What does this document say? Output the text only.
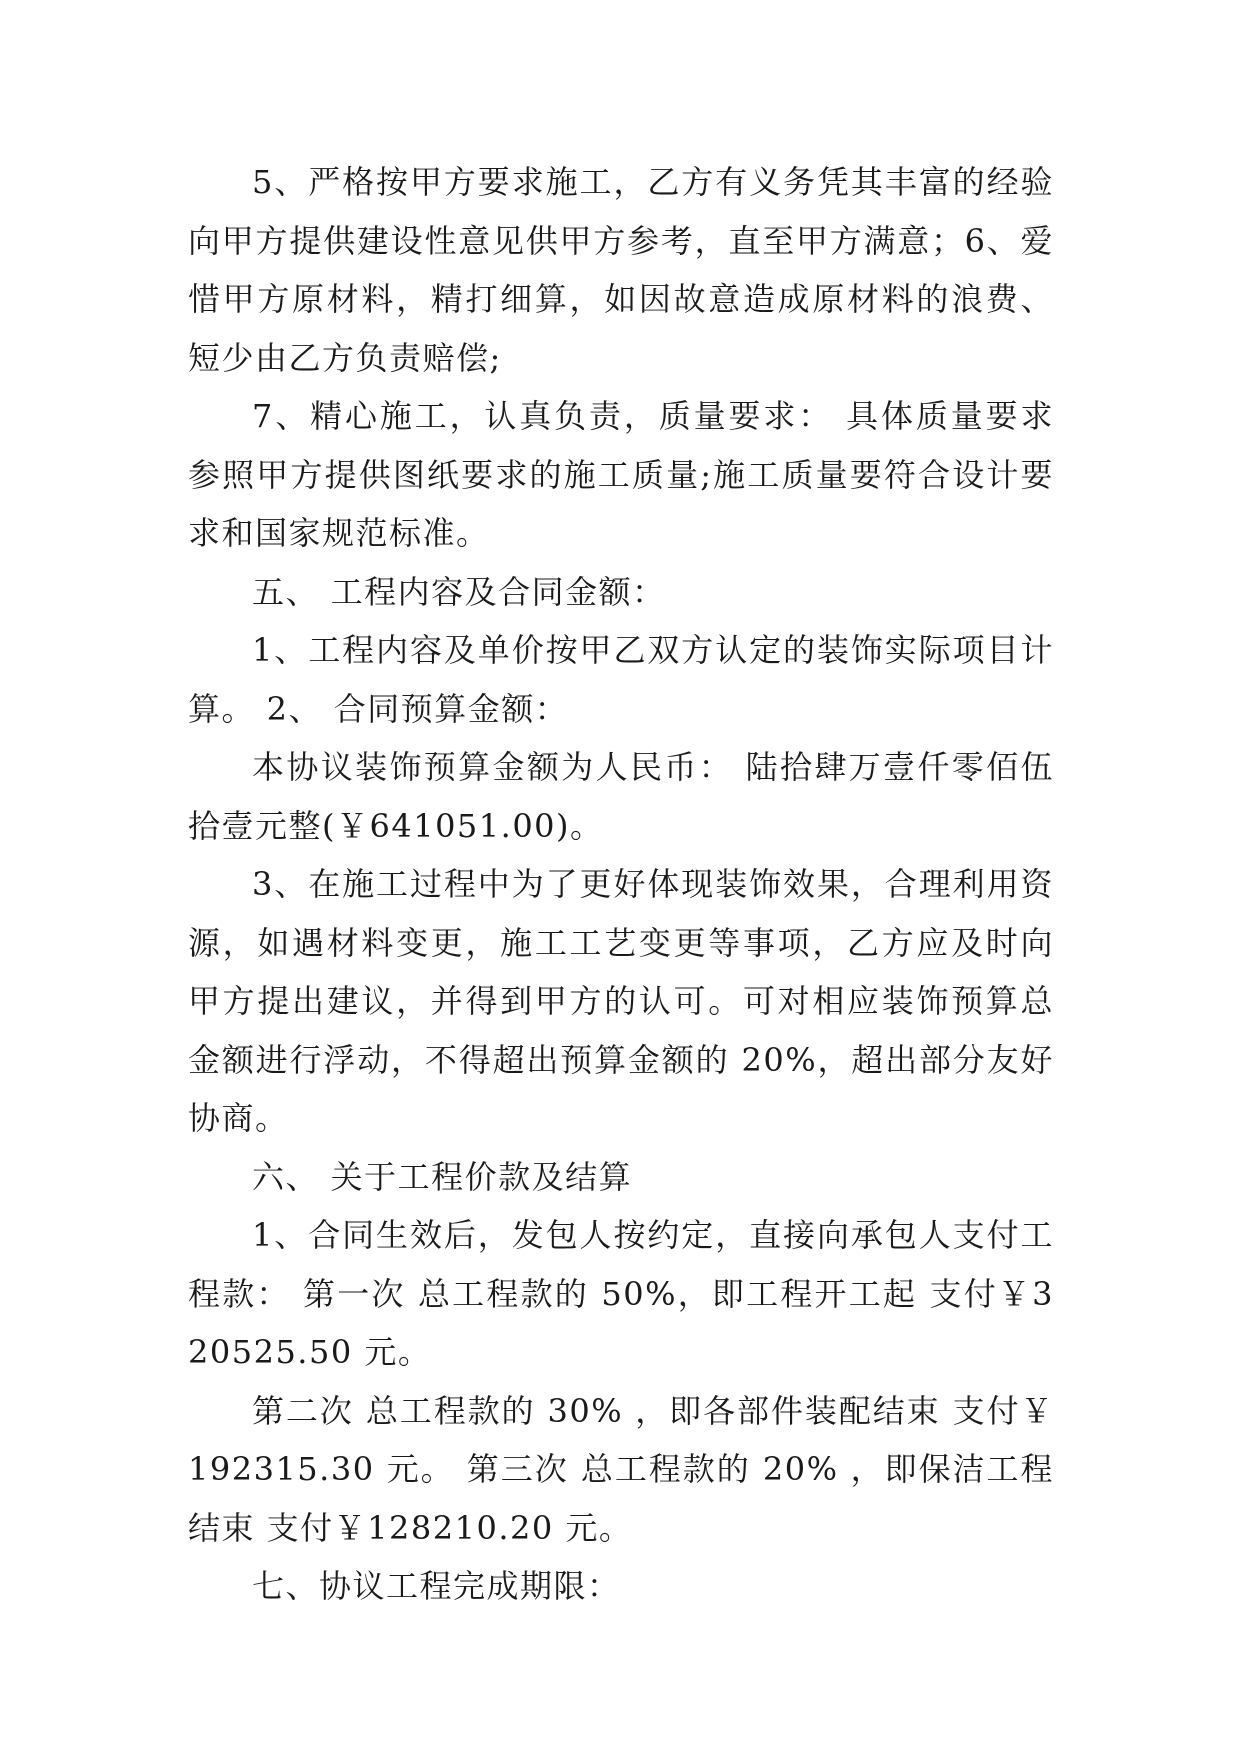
5、严格按甲方要求施工，乙方有义务凭其丰富的经验向甲方提供建设性意见供甲方参考，直至甲方满意；6、爱惜甲方原材料，精打细算，如因故意造成原材料的浪费、短少由乙方负责赔偿;

7、精心施工，认真负责，质量要求： 具体质量要求参照甲方提供图纸要求的施工质量;施工质量要符合设计要求和国家规范标准。

五、 工程内容及合同金额：

1、工程内容及单价按甲乙双方认定的装饰实际项目计算。 2、 合同预算金额：

本协议装饰预算金额为人民币： 陆拾肆万壹仟零佰伍拾壹元整(￥641051.00)。

3、在施工过程中为了更好体现装饰效果，合理利用资源，如遇材料变更，施工工艺变更等事项，乙方应及时向甲方提出建议，并得到甲方的认可。可对相应装饰预算总金额进行浮动，不得超出预算金额的 20%，超出部分友好协商。

六、 关于工程价款及结算

1、合同生效后，发包人按约定，直接向承包人支付工程款： 第一次 总工程款的 50%，即工程开工起 支付￥320525.50 元。

第二次 总工程款的 30% ，即各部件装配结束 支付￥192315.30 元。 第三次 总工程款的 20% ，即保洁工程结束 支付￥128210.20 元。

七、协议工程完成期限：
